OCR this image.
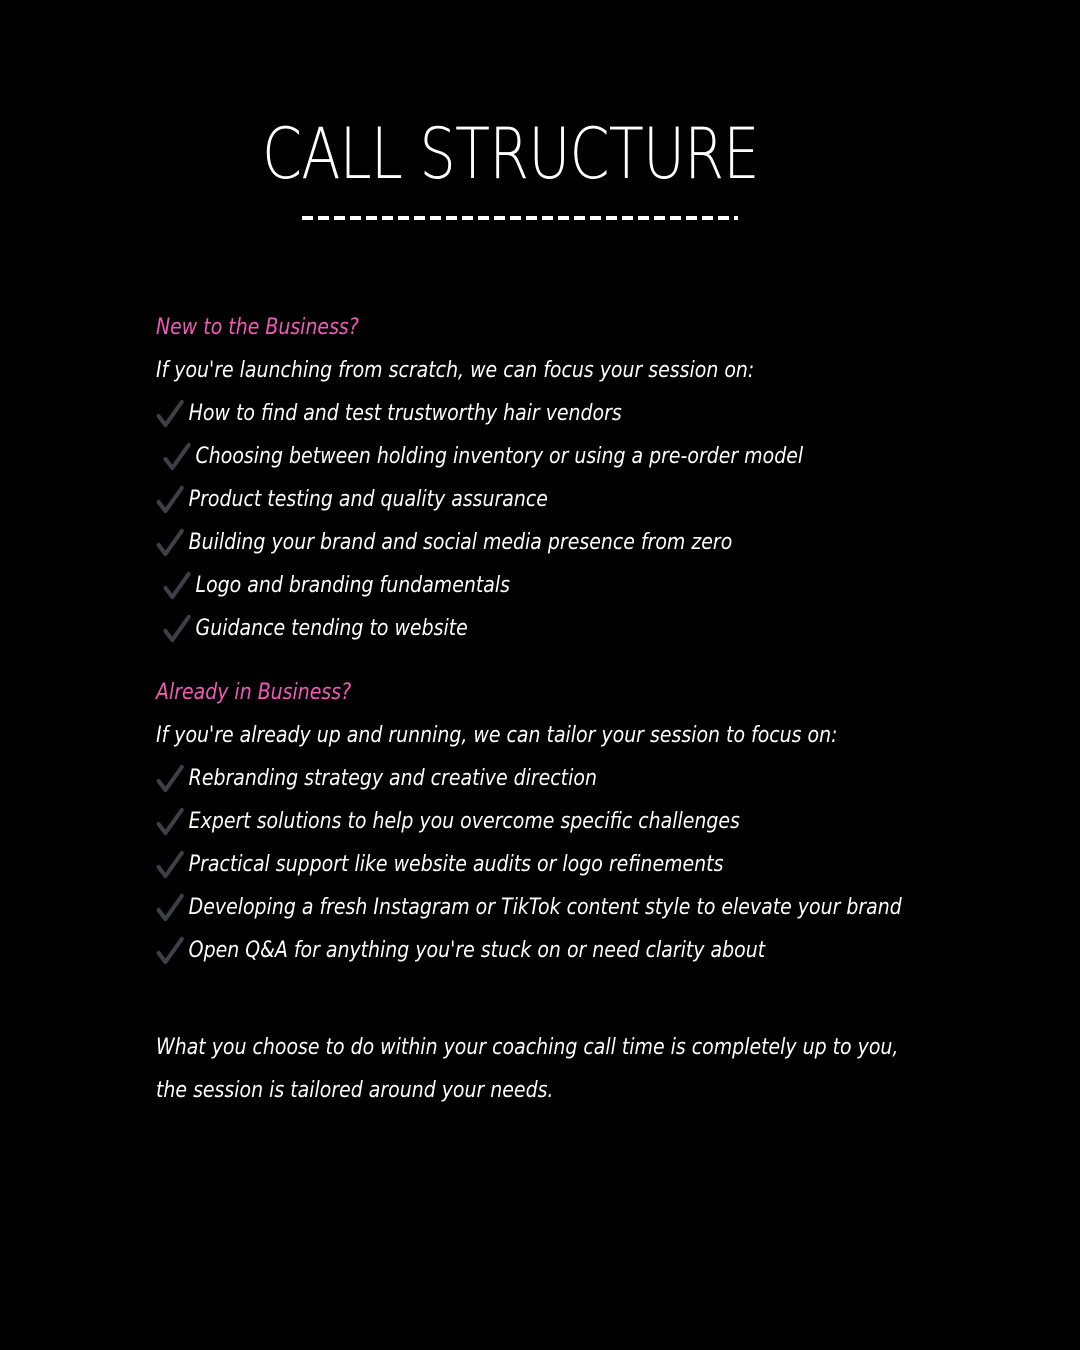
CALL STRUCTURE
New to the Business?
If you're launching from scratch, we can focus your session on:
How to find and test trustworthy hair vendors
Choosing between holding inventory or using a pre-order model
Product testing and quality assurance
Building your brand and social media presence from zero
Logo and branding fundamentals
Guidance tending to website
Already in Business?
If you're already up and running, we can tailor your session to focus on:
Rebranding strategy and creative direction
Expert solutions to help you overcome specific challenges
Practical support like website audits or logo refinements
Developing a fresh Instagram or TikTok content style to elevate your brand
Open Q&A for anything you're stuck on or need clarity about
What you choose to do within your coaching call time is completely up to you,
the session is tailored around your needs.
